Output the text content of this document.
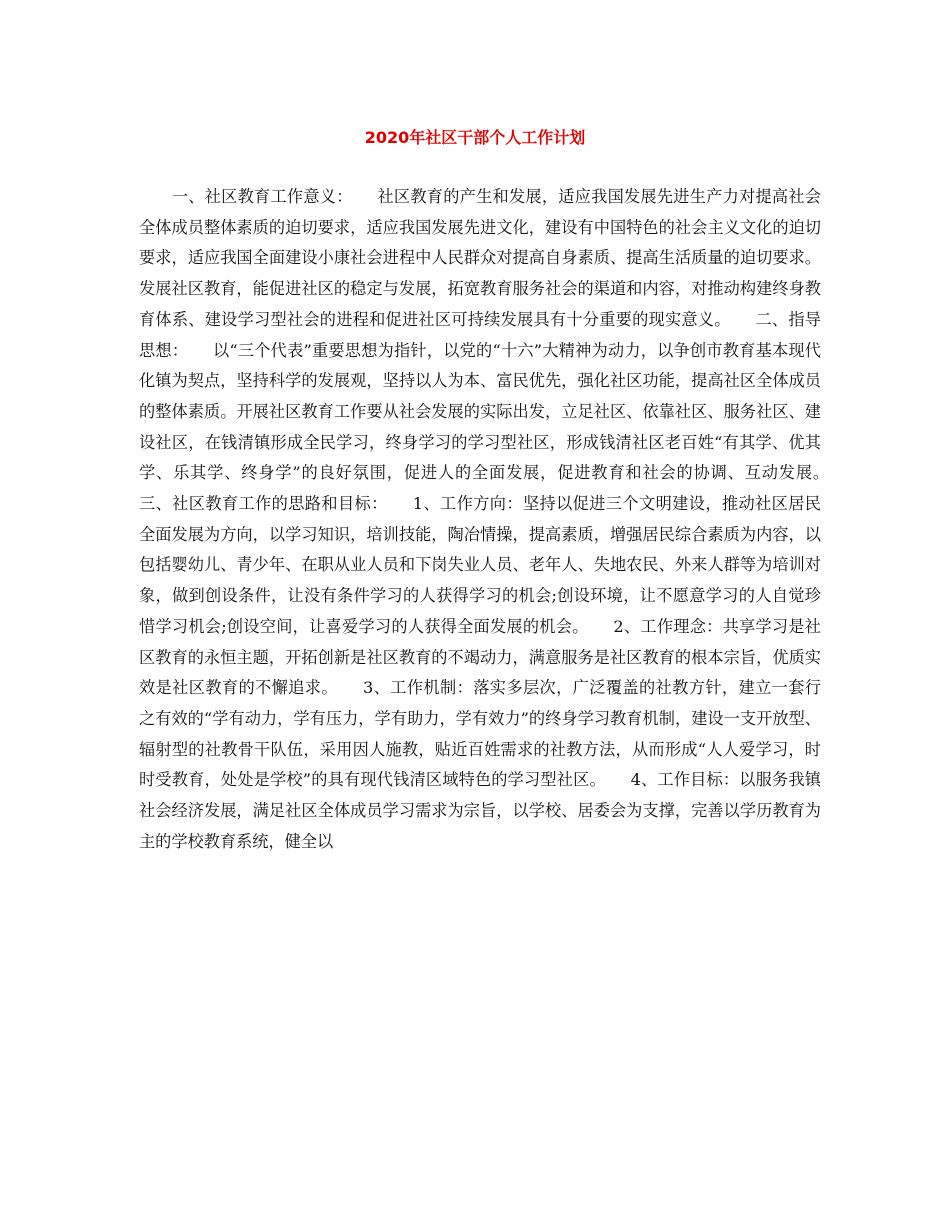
2020年社区干部个人工作计划

　　一、社区教育工作意义：　　社区教育的产生和发展，适应我国发展先进生产力对提高社会全体成员整体素质的迫切要求，适应我国发展先进文化，建设有中国特色的社会主义文化的迫切要求，适应我国全面建设小康社会进程中人民群众对提高自身素质、提高生活质量的迫切要求。发展社区教育，能促进社区的稳定与发展，拓宽教育服务社会的渠道和内容，对推动构建终身教育体系、建设学习型社会的进程和促进社区可持续发展具有十分重要的现实意义。　　二、指导思想：　　以“三个代表”重要思想为指针，以党的“十六”大精神为动力，以争创市教育基本现代化镇为契点，坚持科学的发展观，坚持以人为本、富民优先，强化社区功能，提高社区全体成员的整体素质。开展社区教育工作要从社会发展的实际出发，立足社区、依靠社区、服务社区、建设社区，在钱清镇形成全民学习，终身学习的学习型社区，形成钱清社区老百姓“有其学、优其学、乐其学、终身学”的良好氛围，促进人的全面发展，促进教育和社会的协调、互动发展。　　三、社区教育工作的思路和目标：　　1、工作方向：坚持以促进三个文明建设，推动社区居民全面发展为方向，以学习知识，培训技能，陶冶情操，提高素质，增强居民综合素质为内容，以包括婴幼儿、青少年、在职从业人员和下岗失业人员、老年人、失地农民、外来人群等为培训对象，做到创设条件，让没有条件学习的人获得学习的机会;创设环境，让不愿意学习的人自觉珍惜学习机会;创设空间，让喜爱学习的人获得全面发展的机会。　　2、工作理念：共享学习是社区教育的永恒主题，开拓创新是社区教育的不竭动力，满意服务是社区教育的根本宗旨，优质实效是社区教育的不懈追求。　　3、工作机制：落实多层次，广泛覆盖的社教方针，建立一套行之有效的“学有动力，学有压力，学有助力，学有效力”的终身学习教育机制，建设一支开放型、辐射型的社教骨干队伍，采用因人施教，贴近百姓需求的社教方法，从而形成“人人爱学习，时时受教育，处处是学校”的具有现代钱清区域特色的学习型社区。　　4、工作目标：以服务我镇社会经济发展，满足社区全体成员学习需求为宗旨，以学校、居委会为支撑，完善以学历教育为主的学校教育系统，健全以
